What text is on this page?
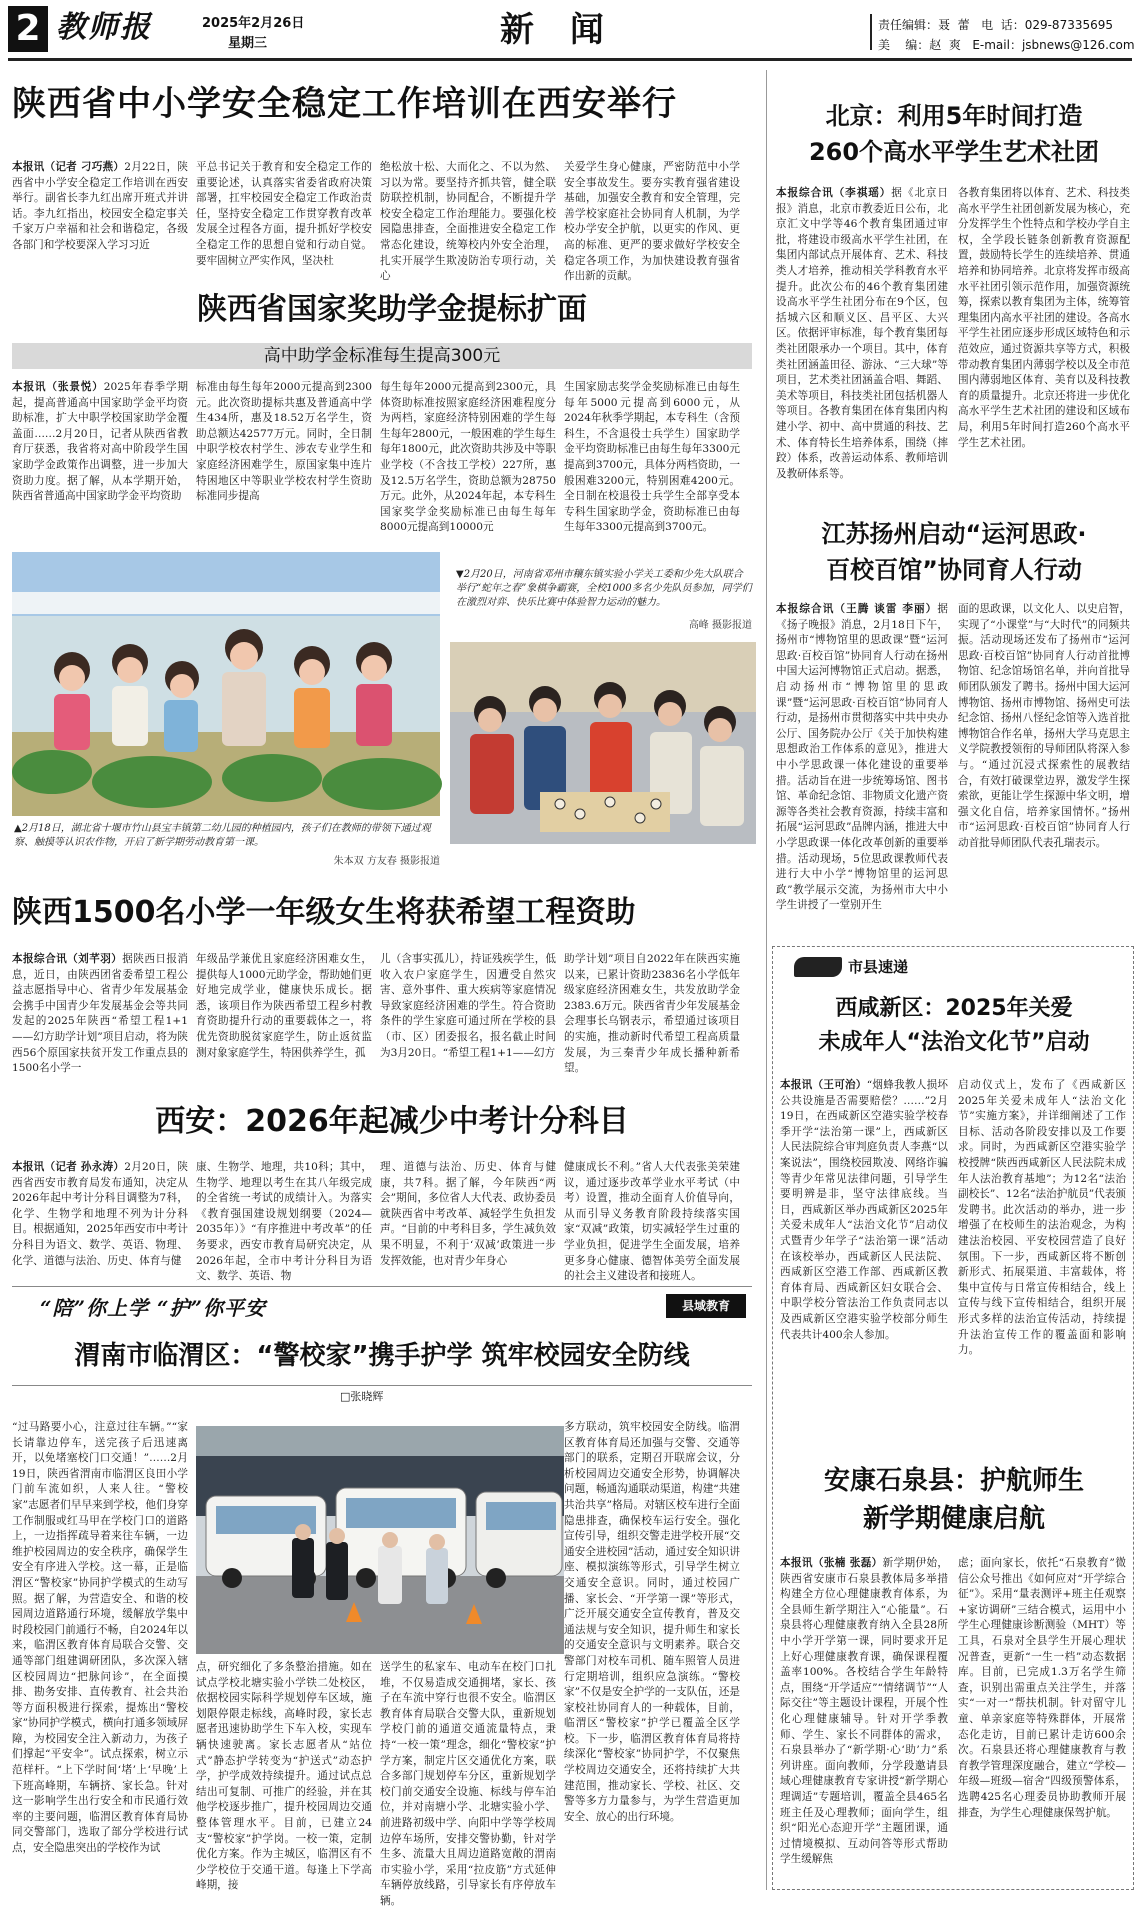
2 教师报	2025年2月26日
星期三	新 闻	责任编辑：聂  蕾   电  话：029-87335695
美    编：赵  爽   E-mail：jsbnews@126.com
陕西省中小学安全稳定工作培训在西安举行
本报讯（记者 刁巧燕）2月22日，陕西省中小学安全稳定工作培训在西安举行。副省长李九红出席开班式并讲话。李九红指出，校园安全稳定事关千家万户幸福和社会和谐稳定，各级各部门和学校要深入学习习近
平总书记关于教育和安全稳定工作的重要论述，认真落实省委省政府决策部署，扛牢校园安全稳定工作政治责任，坚持安全稳定工作贯穿教育改革发展全过程各方面，提升抓好学校安全稳定工作的思想自觉和行动自觉。要牢固树立严实作风，坚决杜
绝松放十松、大而化之、不以为然、习以为常。要坚持齐抓共管，健全联防联控机制，协同配合，不断提升学校安全稳定工作治理能力。要强化校园隐患排查，全面推进安全稳定工作常态化建设，统筹校内外安全治理，扎实开展学生欺凌防治专项行动，关心
关爱学生身心健康，严密防范中小学安全事故发生。要夯实教育强省建设基础，加强安全教育和安全管理，完善学校家庭社会协同育人机制，为学校办学安全护航，以更实的作风、更高的标准、更严的要求做好学校安全稳定各项工作，为加快建设教育强省作出新的贡献。
陕西省国家奖助学金提标扩面
高中助学金标准每生提高300元
本报讯（张景悦）2025年春季学期起，提高普通高中国家助学金平均资助标准，扩大中职学校国家助学金覆盖面……2月20日，记者从陕西省教育厅获悉，我省将对高中阶段学生国家助学金政策作出调整，进一步加大资助力度。据了解，从本学期开始，陕西省普通高中国家助学金平均资助
标准由每生每年2000元提高到2300元。此次资助提标共惠及普通高中学生434所，惠及18.52万名学生，资助总额达42577万元。同时，全日制中职学校农村学生、涉农专业学生和家庭经济困难学生，原国家集中连片特困地区中等职业学校农村学生资助标准同步提高
每生每年2000元提高到2300元，具体资助标准按照家庭经济困难程度分为两档，家庭经济特别困难的学生每生每年2800元，一般困难的学生每生每年1800元，此次资助共涉及中等职业学校（不含技工学校）227所，惠及12.5万名学生，资助总额为28750万元。此外，从2024年起，本专科生国家奖学金奖励标准已由每生每年8000元提高到10000元
生国家励志奖学金奖励标准已由每生每年5000元提高到6000元，从2024年秋季学期起，本专科生（含预科生，不含退役士兵学生）国家助学金平均资助标准已由每生每年3300元提高到3700元，具体分两档资助，一般困难3200元，特别困难4200元。全日制在校退役士兵学生全部享受本专科生国家助学金，资助标准已由每生每年3300元提高到3700元。
▼2月20日，河南省邓州市穰东镇实验小学关工委和少先大队联合举行“蛇年之春”象棋争霸赛，全校1000多名少先队员参加，同学们在激烈对弈、快乐比赛中体验智力运动的魅力。
高峰 摄影报道
▲2月18日，湖北省十堰市竹山县宝丰镇第二幼儿园的种植园内，孩子们在教师的带领下通过观察、触摸等认识农作物，开启了新学期劳动教育第一课。
朱本双 方友春 摄影报道
陕西1500名小学一年级女生将获希望工程资助
本报综合讯（刘芊羽）据陕西日报消息，近日，由陕西团省委希望工程公益志愿指导中心、省青少年发展基金会携手中国青少年发展基金会等共同发起的2025年陕西“希望工程1+1——幻方助学计划”项目启动，将为陕西56个原国家扶贫开发工作重点县的1500名小学一
年级品学兼优且家庭经济困难女生，提供每人1000元助学金，帮助她们更好地完成学业，健康快乐成长。据悉，该项目作为陕西希望工程乡村教育资助提升行动的重要载体之一，将优先资助脱贫家庭学生，防止返贫监测对象家庭学生，特困供养学生，孤
儿（含事实孤儿），持证残疾学生，低收入农户家庭学生，因遭受自然灾害、意外事件、重大疾病等家庭情况导致家庭经济困难的学生。符合资助条件的学生家庭可通过所在学校的县（市、区）团委报名，报名截止时间为3月20日。“希望工程1+1——幻方
助学计划”项目自2022年在陕西实施以来，已累计资助23836名小学低年级家庭经济困难女生，共发放助学金2383.6万元。陕西省青少年发展基金会理事长乌钢表示，希望通过该项目的实施，推动新时代希望工程高质量发展，为三秦青少年成长播种新希望。
西安：2026年起减少中考计分科目
本报讯（记者 孙永涛）2月20日，陕西省西安市教育局发布通知，决定从2026年起中考计分科目调整为7科，化学、生物学和地理不列为计分科目。根据通知，2025年西安市中考计分科目为语文、数学、英语、物理、化学、道德与法治、历史、体育与健
康、生物学、地理，共10科；其中，生物学、地理以考生在其八年级完成的全省统一考试的成绩计入。为落实《教育强国建设规划纲要（2024—2035年）》“有序推进中考改革”的任务要求，西安市教育局研究决定，从2026年起，全市中考计分科目为语文、数学、英语、物
理、道德与法治、历史、体育与健康，共7科。据了解，今年陕西“两会”期间，多位省人大代表、政协委员就陕西省中考改革、减轻学生负担发声。“目前的中考科目多，学生减负效果不明显，不利于‘双减’政策进一步发挥效能，也对青少年身心
健康成长不利。”省人大代表张美荣建议，通过逐步改革学业水平考试（中考）设置，推动全面育人价值导向，从而引导义务教育阶段持续落实国家“双减”政策，切实减轻学生过重的学业负担，促进学生全面发展，培养更多身心健康、德智体美劳全面发展的社会主义建设者和接班人。
“陪”你上学 “护”你平安	县域教育
渭南市临渭区：“警校家”携手护学 筑牢校园安全防线
□张晓辉
“过马路要小心，注意过往车辆。”“家长请靠边停车，送完孩子后迅速离开，以免堵塞校门口交通！”……2月19日，陕西省渭南市临渭区良田小学门前车流如织，人来人往。“警校家”志愿者们早早来到学校，他们身穿工作制服或红马甲在学校门口的道路上，一边指挥疏导着来往车辆，一边维护校园周边的安全秩序，确保学生安全有序进入学校。这一幕，正是临渭区“警校家”协同护学模式的生动写照。据了解，为营造安全、和谐的校园周边道路通行环境，缓解放学集中时段校园门前通行不畅，自2024年以来，临渭区教育体育局联合交警、交通等部门组建调研团队，多次深入辖区校园周边“把脉问诊”，在全面摸排、勘务安排、直传教育、社会共治等方面积极进行探索，提炼出“警校家”协同护学模式，横向打通多领域屏障，为校园安全注入新动力，为孩子们撑起“平安伞”。试点探索，树立示范样杆。“上下学时间‘堵’上‘早晚’上下班高峰期，车辆挤、家长急。针对这一影响学生出行安全和市民通行效率的主要问题，临渭区教育体育局协同交警部门，选取了部分学校进行试点，安全隐患突出的学校作为试
点，研究细化了多条整治措施。如在试点学校北塘实验小学铁二处校区，依据校园实际科学规划停车区域，施划限停限走标线，高峰时段，家长志愿者迅速协助学生下车入校，实现车辆快速驶离。家长志愿者从“站位式”静态护学转变为“护送式”动态护学，护学成效持续提升。通过试点总结出可复制、可推广的经验，并在其他学校逐步推广，提升校园周边交通整体管理水平。目前，已建立24支“警校家”护学岗。一校一策，定制优化方案。作为主城区，临渭区有不少学校位于交通干道。每逢上下学高峰期，接
送学生的私家车、电动车在校门口扎堆，不仅易造成交通拥堵，家长、孩子在车流中穿行也很不安全。临渭区教育体育局联合交警大队，重新规划学校门前的通道交通流量特点，秉持“一校一策”理念，细化“警校家”护学方案，制定片区交通优化方案，联合多部门规划停车分区，重新规划学校门前交通安全设施、标线与停车泊位，并对南塘小学、北塘实验小学、前进路初级中学、向阳中学等学校周边停车场所，安排交警协勤，针对学生多、流量大且周边道路宽敞的渭南市实验小学，采用“拉皮筋”方式延伸车辆停放线路，引导家长有序停放车辆。
多方联动，筑牢校园安全防线。临渭区教育体育局还加强与交警、交通等部门的联系，定期召开联席会议，分析校园周边交通安全形势，协调解决问题，畅通沟通联动渠道，构建“共建共治共享”格局。对辖区校车进行全面隐患排查，确保校车运行安全。强化宣传引导，组织交警走进学校开展“交通安全进校园”活动，通过安全知识讲座、模拟演练等形式，引导学生树立交通安全意识。同时，通过校园广播、家长会、“开学第一课”等形式，广泛开展交通安全宣传教育，普及交通法规与安全知识，提升师生和家长的交通安全意识与文明素养。联合交警部门对校车司机、随车照管人员进行定期培训，组织应急演练。“警校家”不仅是安全护学的一支队伍，还是家校社协同育人的一种载体，目前，临渭区“警校家”护学已覆盖全区学校。下一步，临渭区教育体育局将持续深化“警校家”协同护学，不仅聚焦学校周边交通安全，还将持续扩大共建范围，推动家长、学校、社区、交警等多方力量参与，为学生营造更加安全、放心的出行环境。
北京：利用5年时间打造
260个高水平学生艺术社团
本报综合讯（李祺瑶）据《北京日报》消息，北京市教委近日公布，北京汇文中学等46个教育集团通过审批，将建设市级高水平学生社团，在集团内部试点开展体育、艺术、科技类人才培养，推动相关学科教育水平提升。此次公布的46个教育集团建设高水平学生社团分布在9个区，包括城六区和顺义区、昌平区、大兴区。依据评审标准，每个教育集团每类社团限承办一个项目。其中，体育类社团涵盖田径、游泳、“三大球”等项目，艺术类社团涵盖合唱、舞蹈、美术等项目，科技类社团包括机器人等项目。各教育集团在体育集团内构建小学、初中、高中贯通的科技、艺术、体育特长生培养体系，围绕（摔跤）体系，改善运动体系、教师培训及教研体系等。
各教育集团将以体育、艺术、科技类高水平学生社团创新发展为核心，充分发挥学生个性特点和学校办学自主权，全学段长链条创新教育资源配置，鼓励特长学生的连续培养、贯通培养和协同培养。北京将发挥市级高水平社团引领示范作用，加强资源统筹，探索以教育集团为主体，统筹管理集团内高水平社团的建设。各高水平学生社团应逐步形成区域特色和示范效应，通过资源共享等方式，积极带动教育集团内薄弱学校以及全市范围内薄弱地区体育、美育以及科技教育的质量提升。北京还将进一步优化高水平学生艺术社团的建设和区域布局，利用5年时间打造260个高水平学生艺术社团。
江苏扬州启动“运河思政·
百校百馆”协同育人行动
本报综合讯（王腾 谈雷 李丽）据《扬子晚报》消息，2月18日下午，扬州市“博物馆里的思政课”暨“运河思政·百校百馆”协同育人行动在扬州中国大运河博物馆正式启动。据悉，启动扬州市“博物馆里的思政课”暨“运河思政·百校百馆”协同育人行动，是扬州市贯彻落实中共中央办公厅、国务院办公厅《关于加快构建思想政治工作体系的意见》，推进大中小学思政课一体化建设的重要举措。活动旨在进一步统筹场馆、图书馆、革命纪念馆、非物质文化遗产资源等各类社会教育资源，持续丰富和拓展“运河思政”品牌内涵，推进大中小学思政课一体化改革创新的重要举措。活动现场，5位思政课教师代表进行大中小学“博物馆里的运河思政”教学展示交流，为扬州市大中小学生讲授了一堂别开生
面的思政课，以文化人、以史启智，实现了“小课堂”与“大时代”的同频共振。活动现场还发布了扬州市“运河思政·百校百馆”协同育人行动首批博物馆、纪念馆场馆名单，并向首批导师团队颁发了聘书。扬州中国大运河博物馆、扬州市博物馆、扬州史可法纪念馆、扬州八怪纪念馆等入选首批博物馆合作名单，扬州大学马克思主义学院教授领衔的导师团队将深入参与。“通过沉浸式探索性的展教结合，有效打破课堂边界，激发学生探索欲，更能让学生探源中华文明，增强文化自信，培养家国情怀。”扬州市“运河思政·百校百馆”协同育人行动首批导师团队代表孔瑞表示。
市县速递
西咸新区：2025年关爱
未成年人“法治文化节”启动
本报讯（王可治）“烟蜂我教人损坏公共设施是否需要赔偿？……”2月19日，在西咸新区空港实验学校春季开学“法治第一课”上，西咸新区人民法院综合审判庭负责人李燕“以案说法”，围绕校园欺凌、网络诈骗等青少年常见法律问题，引导学生要明辨是非，坚守法律底线。当日，西咸新区举办西咸新区2025年关爱未成年人“法治文化节”启动仪式暨青少年学子“法治第一课”活动在该校举办，西咸新区人民法院、西咸新区空港工作部、西咸新区教育体育局、西咸新区妇女联合会、中职学校分管法治工作负责同志以及西咸新区空港实验学校部分师生代表共计400余人参加。
启动仪式上，发布了《西咸新区2025年关爱未成年人“法治文化节”实施方案》，并详细阐述了工作目标、活动各阶段安排以及工作要求。同时，为西咸新区空港实验学校授牌“陕西西咸新区人民法院未成年人法治教育基地”；为12名“法治副校长”、12名“法治护航员”代表颁发聘书。此次活动的举办，进一步增强了在校师生的法治观念，为构建法治校园、平安校园营造了良好氛围。下一步，西咸新区将不断创新形式、拓展渠道、丰富载体，将集中宣传与日常宣传相结合，线上宣传与线下宣传相结合，组织开展形式多样的法治宣传活动，持续提升法治宣传工作的覆盖面和影响力。
安康石泉县：护航师生
新学期健康启航
本报讯（张楠 张磊）新学期伊始，陕西省安康市石泉县教体局多举措构建全方位心理健康教育体系，为全县师生新学期注入“心能量”。石泉县将心理健康教育纳入全县28所中小学开学第一课，同时要求开足上好心理健康教育课，确保课程覆盖率100%。各校结合学生年龄特点，围绕“开学适应”“情绪调节”“人际交往”等主题设计课程，开展个性化心理健康辅导。针对开学季教师、学生、家长不同群体的需求，石泉县举办了“新学期·心‘助’力”系列讲座。面向教师，分学段邀请县域心理健康教育专家讲授“新学期心理调适”专题培训，覆盖全县465名班主任及心理教师；面向学生，组织“阳光心态迎开学”主题团课，通过情境模拟、互动问答等形式帮助学生缓解焦
虑；面向家长，依托“石泉教育”微信公众号推出《如何应对“开学综合征”》。采用“量表测评+班主任观察+家访调研”三结合模式，运用中小学生心理健康诊断测验（MHT）等工具，石泉对全县学生开展心理状况普查，更新“一生一档”动态数据库。目前，已完成1.3万名学生筛查，识别出需重点关注学生，并落实“一对一”帮扶机制。针对留守儿童、单亲家庭等特殊群体，开展常态化走访，目前已累计走访600余次。石泉县还将心理健康教育与教育教学管理深度融合，建立“学校—年级—班级—宿舍”四级预警体系，选聘425名心理委员协助教师开展排查，为学生心理健康保驾护航。
